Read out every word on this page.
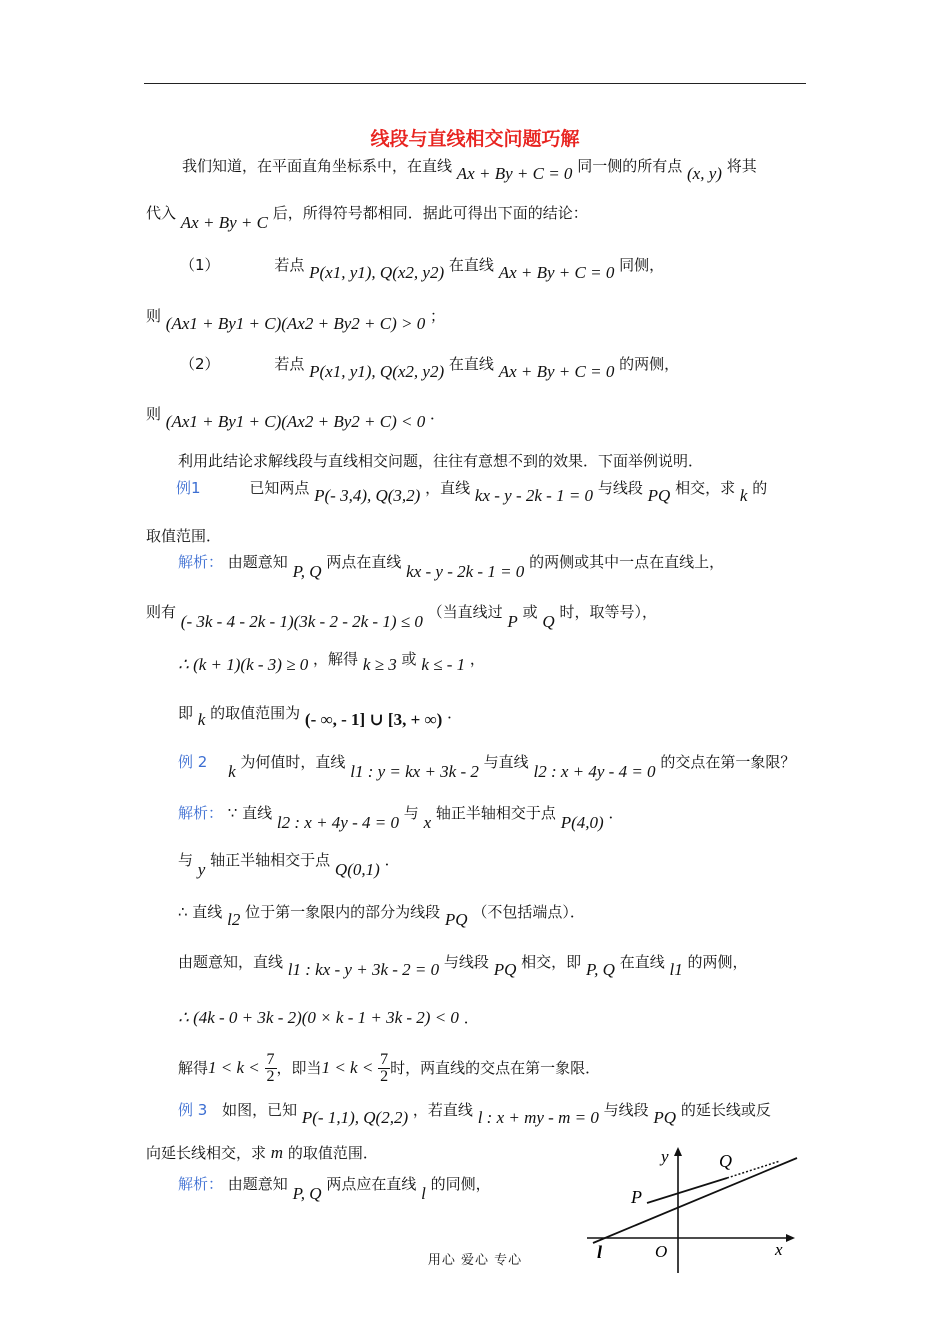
线段与直线相交问题巧解
我们知道，在平面直角坐标系中，在直线 Ax + By + C = 0 同一侧的所有点 (x, y) 将其
代入 Ax + By + C 后，所得符号都相同．据此可得出下面的结论：
（1）	若点 P(x1, y1), Q(x2, y2) 在直线 Ax + By + C = 0 同侧，
则 (Ax1 + By1 + C)(Ax2 + By2 + C) > 0 ；
（2）	若点 P(x1, y1), Q(x2, y2) 在直线 Ax + By + C = 0 的两侧，
则 (Ax1 + By1 + C)(Ax2 + By2 + C) < 0 ．
利用此结论求解线段与直线相交问题，往往有意想不到的效果．下面举例说明．
例1	已知两点 P(- 3,4), Q(3,2) ，直线 kx - y - 2k - 1 = 0 与线段 PQ 相交，求 k 的
取值范围．
解析： 由题意知 P, Q 两点在直线 kx - y - 2k - 1 = 0 的两侧或其中一点在直线上，
则有 (- 3k - 4 - 2k - 1)(3k - 2 - 2k - 1) ≤ 0 （当直线过 P 或 Q 时，取等号），
∴ (k + 1)(k - 3) ≥ 0 ，解得 k ≥ 3 或 k ≤ - 1 ，
即 k 的取值范围为 (- ∞, - 1] ∪ [3, + ∞) ．
例 2 k 为何值时，直线 l1 : y = kx + 3k - 2 与直线 l2 : x + 4y - 4 = 0 的交点在第一象限？
解析： ∵ 直线 l2 : x + 4y - 4 = 0 与 x 轴正半轴相交于点 P(4,0) ．
与 y 轴正半轴相交于点 Q(0,1) ．
∴ 直线 l2 位于第一象限内的部分为线段 PQ （不包括端点）．
由题意知，直线 l1 : kx - y + 3k - 2 = 0 与线段 PQ 相交，即 P, Q 在直线 l1 的两侧，
∴ (4k - 0 + 3k - 2)(0 × k - 1 + 3k - 2) < 0 ．
解得$1 < k < \frac{7}{2}$ ，即当$1 < k < \frac{7}{2}$ 时，两直线的交点在第一象限．
例 3 如图，已知 P(- 1,1), Q(2,2) ，若直线 l : x + my - m = 0 与线段 PQ 的延长线或反
向延长线相交，求 m 的取值范围．
解析： 由题意知 P, Q 两点应在直线 l 的同侧，
y
x
O
P
Q
l
用心 爱心 专心
